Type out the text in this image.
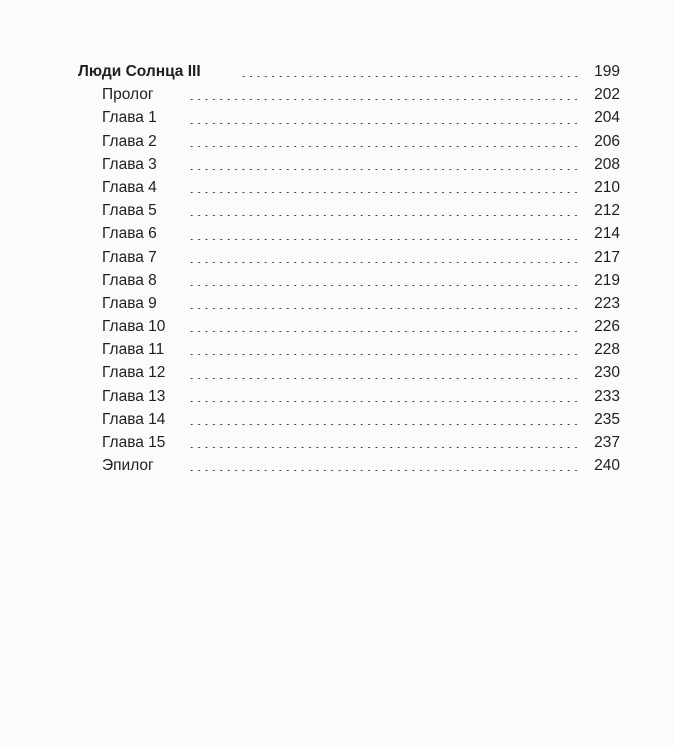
Люди Солнца III	199
Пролог	202
Глава 1	204
Глава 2	206
Глава 3	208
Глава 4	210
Глава 5	212
Глава 6	214
Глава 7	217
Глава 8	219
Глава 9	223
Глава 10	226
Глава 11	228
Глава 12	230
Глава 13	233
Глава 14	235
Глава 15	237
Эпилог	240
